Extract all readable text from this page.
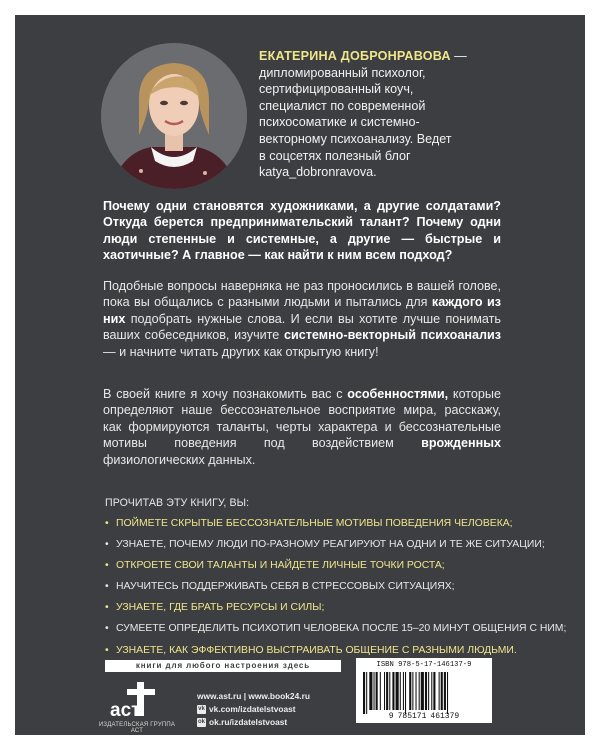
ЕКАТЕРИНА ДОБРОНРАВОВА —
дипломированный психолог,
сертифицированный коуч,
специалист по современной
психосоматике и системно-
векторному психоанализу. Ведет
в соцсетях полезный блог
katya_dobronravova.
Почему одни становятся художниками, а другие солдатами? Откуда берется предпринимательский талант? Почему одни люди степенные и системные, а другие — быстрые и хаотичные? А главное — как найти к ним всем подход?
Подобные вопросы наверняка не раз проносились в вашей голове, пока вы общались с разными людьми и пытались для каждого из них подобрать нужные слова. И если вы хотите лучше понимать ваших собеседников, изучите системно-векторный психоанализ — и начните читать других как открытую книгу!
В своей книге я хочу познакомить вас с особенностями, которые определяют наше бессознательное восприятие мира, расскажу, как формируются таланты, черты характера и бессознательные мотивы поведения под воздействием врожденных физиологических данных.
ПРОЧИТАВ ЭТУ КНИГУ, ВЫ:
• ПОЙМЕТЕ СКРЫТЫЕ БЕССОЗНАТЕЛЬНЫЕ МОТИВЫ ПОВЕДЕНИЯ ЧЕЛОВЕКА;
• УЗНАЕТЕ, ПОЧЕМУ ЛЮДИ ПО-РАЗНОМУ РЕАГИРУЮТ НА ОДНИ И ТЕ ЖЕ СИТУАЦИИ;
• ОТКРОЕТЕ СВОИ ТАЛАНТЫ И НАЙДЕТЕ ЛИЧНЫЕ ТОЧКИ РОСТА;
• НАУЧИТЕСЬ ПОДДЕРЖИВАТЬ СЕБЯ В СТРЕССОВЫХ СИТУАЦИЯХ;
• УЗНАЕТЕ, ГДЕ БРАТЬ РЕСУРСЫ И СИЛЫ;
• СУМЕЕТЕ ОПРЕДЕЛИТЬ ПСИХОТИП ЧЕЛОВЕКА ПОСЛЕ 15–20 МИНУТ ОБЩЕНИЯ С НИМ;
• УЗНАЕТЕ, КАК ЭФФЕКТИВНО ВЫСТРАИВАТЬ ОБЩЕНИЕ С РАЗНЫМИ ЛЮДЬМИ.
книги для любого настроения здесь
аст
ИЗДАТЕЛЬСКАЯ ГРУППА АСТ
www.ast.ru | www.book24.ru
vk vk.com/izdatelstvoast
ok ok.ru/izdatelstvoast
ISBN 978-5-17-146137-9
9 785171 461379
